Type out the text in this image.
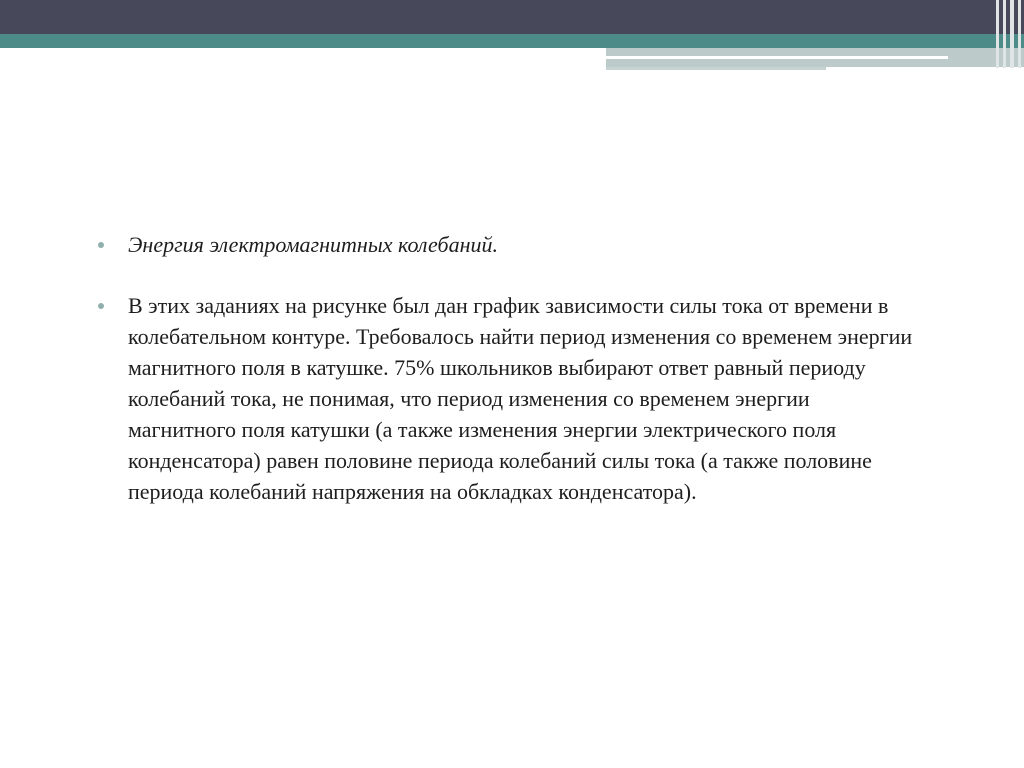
Энергия электромагнитных колебаний.
В этих заданиях на рисунке был дан график зависимости силы тока от времени в колебательном контуре. Требовалось найти период изменения со временем энергии магнитного поля в катушке. 75% школьников выбирают ответ равный периоду колебаний тока, не понимая, что период изменения со временем энергии магнитного поля катушки (а также изменения энергии электрического поля конденсатора) равен половине периода колебаний силы тока (а также половине периода колебаний напряжения на обкладках конденсатора).
